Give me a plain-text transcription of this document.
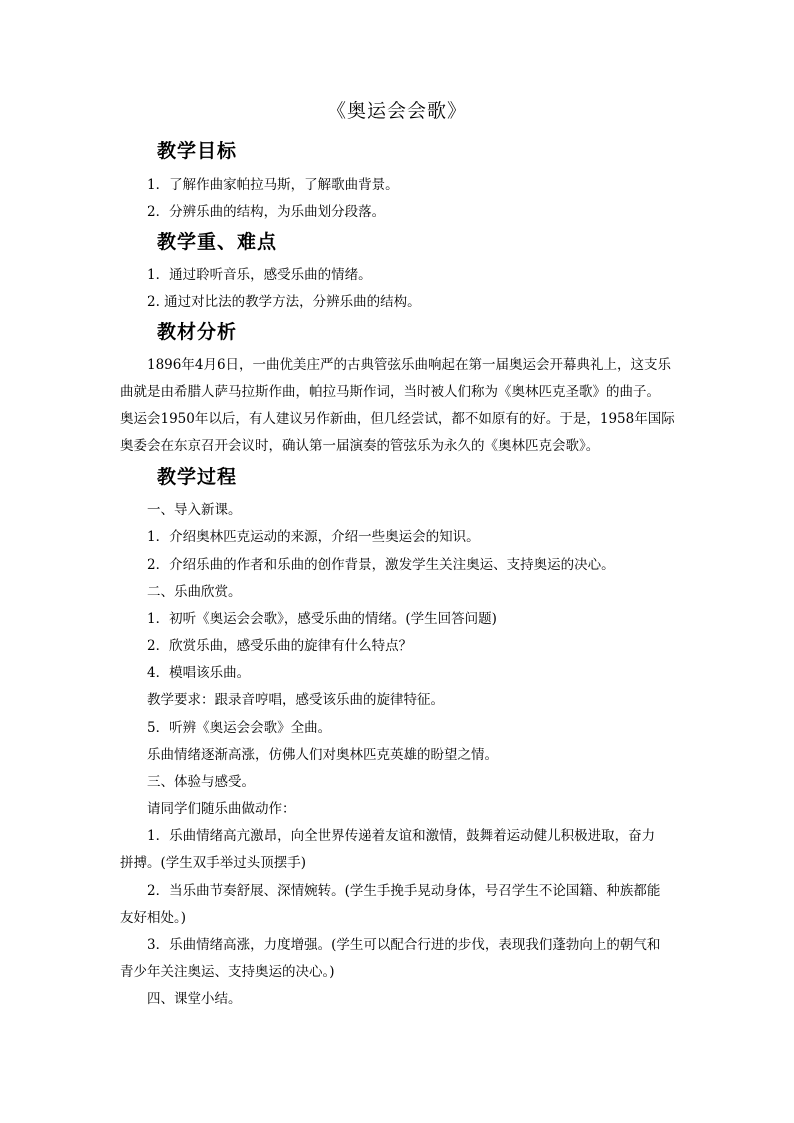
《奥运会会歌》
教学目标

1．了解作曲家帕拉马斯，了解歌曲背景。

2．分辨乐曲的结构，为乐曲划分段落。

教学重、难点

1．通过聆听音乐，感受乐曲的情绪。

2. 通过对比法的教学方法，分辨乐曲的结构。

教材分析

1896年4月6日，一曲优美庄严的古典管弦乐曲响起在第一届奥运会开幕典礼上，这支乐

曲就是由希腊人萨马拉斯作曲，帕拉马斯作词，当时被人们称为《奥林匹克圣歌》的曲子。

奥运会1950年以后，有人建议另作新曲，但几经尝试，都不如原有的好。于是，1958年国际

奥委会在东京召开会议时，确认第一届演奏的管弦乐为永久的《奥林匹克会歌》。

教学过程

一、导入新课。

1．介绍奥林匹克运动的来源，介绍一些奥运会的知识。

2．介绍乐曲的作者和乐曲的创作背景，激发学生关注奥运、支持奥运的决心。

二、乐曲欣赏。

1．初听《奥运会会歌》，感受乐曲的情绪。(学生回答问题)

2．欣赏乐曲，感受乐曲的旋律有什么特点？

4．模唱该乐曲。

教学要求：跟录音哼唱，感受该乐曲的旋律特征。

5．听辨《奥运会会歌》全曲。

乐曲情绪逐渐高涨，仿佛人们对奥林匹克英雄的盼望之情。

三、体验与感受。

请同学们随乐曲做动作：

1．乐曲情绪高亢激昂，向全世界传递着友谊和激情，鼓舞着运动健儿积极进取，奋力

拼搏。(学生双手举过头顶摆手)

2．当乐曲节奏舒展、深情婉转。(学生手挽手晃动身体，号召学生不论国籍、种族都能

友好相处。)

3．乐曲情绪高涨，力度增强。(学生可以配合行进的步伐，表现我们蓬勃向上的朝气和

青少年关注奥运、支持奥运的决心。)

四、课堂小结。
